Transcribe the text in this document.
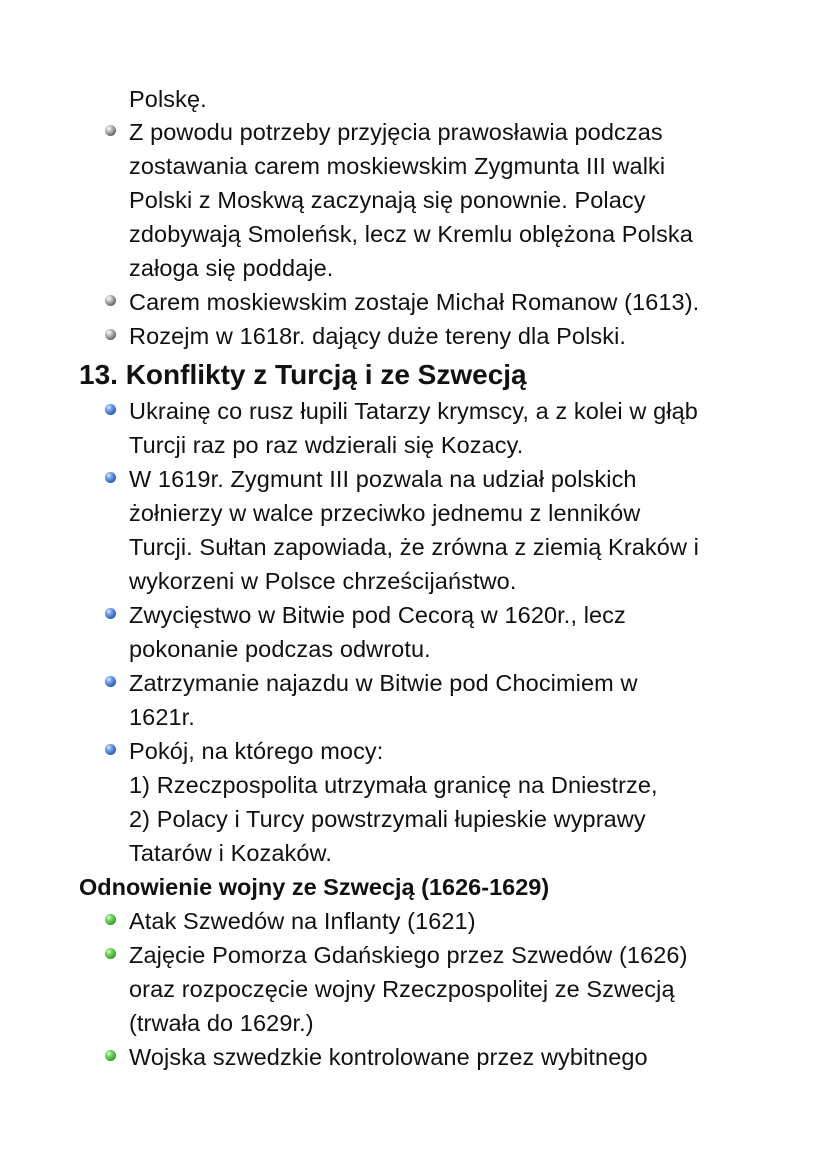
Polskę.
Z powodu potrzeby przyjęcia prawosławia podczas
zostawania carem moskiewskim Zygmunta III walki
Polski z Moskwą zaczynają się ponownie. Polacy
zdobywają Smoleńsk, lecz w Kremlu oblężona Polska
załoga się poddaje.
Carem moskiewskim zostaje Michał Romanow (1613).
Rozejm w 1618r. dający duże tereny dla Polski.
13. Konflikty z Turcją i ze Szwecją
Ukrainę co rusz łupili Tatarzy krymscy, a z kolei w głąb
Turcji raz po raz wdzierali się Kozacy.
W 1619r. Zygmunt III pozwala na udział polskich
żołnierzy w walce przeciwko jednemu z lenników
Turcji. Sułtan zapowiada, że zrówna z ziemią Kraków i
wykorzeni w Polsce chrześcijaństwo.
Zwycięstwo w Bitwie pod Cecorą w 1620r., lecz
pokonanie podczas odwrotu.
Zatrzymanie najazdu w Bitwie pod Chocimiem w
1621r.
Pokój, na którego mocy:
1) Rzeczpospolita utrzymała granicę na Dniestrze,
2) Polacy i Turcy powstrzymali łupieskie wyprawy
Tatarów i Kozaków.
Odnowienie wojny ze Szwecją (1626-1629)
Atak Szwedów na Inflanty (1621)
Zajęcie Pomorza Gdańskiego przez Szwedów (1626)
oraz rozpoczęcie wojny Rzeczpospolitej ze Szwecją
(trwała do 1629r.)
Wojska szwedzkie kontrolowane przez wybitnego
